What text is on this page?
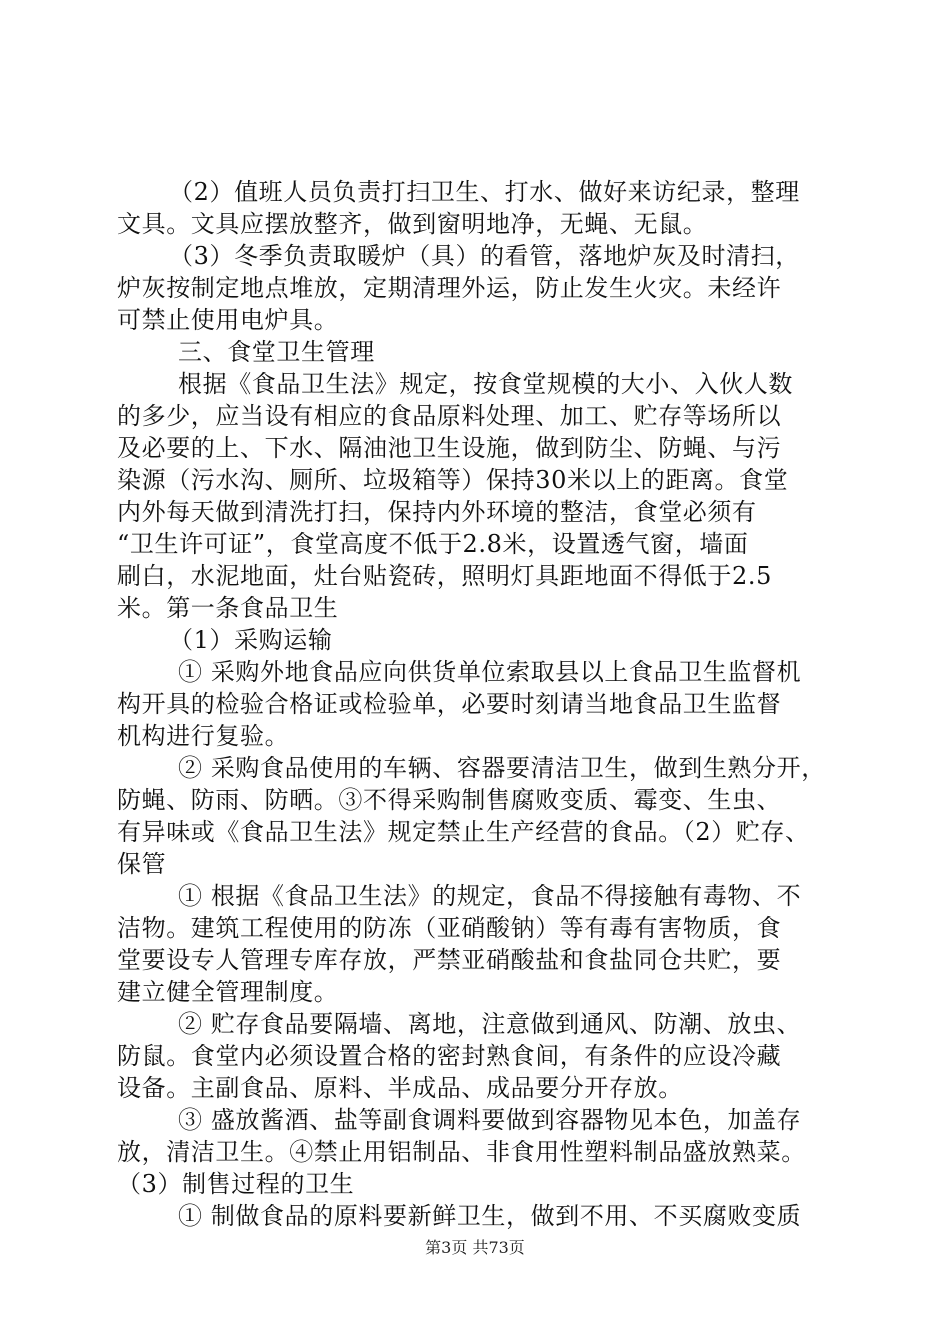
（2）值班人员负责打扫卫生、打水、做好来访纪录，整理
文具。文具应摆放整齐，做到窗明地净，无蝇、无鼠。
（3）冬季负责取暖炉（具）的看管，落地炉灰及时清扫，
炉灰按制定地点堆放，定期清理外运，防止发生火灾。未经许
可禁止使用电炉具。
三、食堂卫生管理
根据《食品卫生法》规定，按食堂规模的大小、入伙人数
的多少，应当设有相应的食品原料处理、加工、贮存等场所以
及必要的上、下水、隔油池卫生设施，做到防尘、防蝇、与污
染源（污水沟、厕所、垃圾箱等）保持30米以上的距离。食堂
内外每天做到清洗打扫，保持内外环境的整洁，食堂必须有
“卫生许可证”，食堂高度不低于2.8米，设置透气窗，墙面
刷白，水泥地面，灶台贴瓷砖，照明灯具距地面不得低于2.5
米。第一条食品卫生
（1）采购运输
① 采购外地食品应向供货单位索取县以上食品卫生监督机
构开具的检验合格证或检验单，必要时刻请当地食品卫生监督
机构进行复验。
② 采购食品使用的车辆、容器要清洁卫生，做到生熟分开，
防蝇、防雨、防晒。③不得采购制售腐败变质、霉变、生虫、
有异味或《食品卫生法》规定禁止生产经营的食品。（2）贮存、
保管
① 根据《食品卫生法》的规定，食品不得接触有毒物、不
洁物。建筑工程使用的防冻（亚硝酸钠）等有毒有害物质，食
堂要设专人管理专库存放，严禁亚硝酸盐和食盐同仓共贮，要
建立健全管理制度。
② 贮存食品要隔墙、离地，注意做到通风、防潮、放虫、
防鼠。食堂内必须设置合格的密封熟食间，有条件的应设冷藏
设备。主副食品、原料、半成品、成品要分开存放。
③ 盛放酱酒、盐等副食调料要做到容器物见本色，加盖存
放，清洁卫生。④禁止用铝制品、非食用性塑料制品盛放熟菜。
（3）制售过程的卫生
① 制做食品的原料要新鲜卫生，做到不用、不买腐败变质
第3页 共73页
